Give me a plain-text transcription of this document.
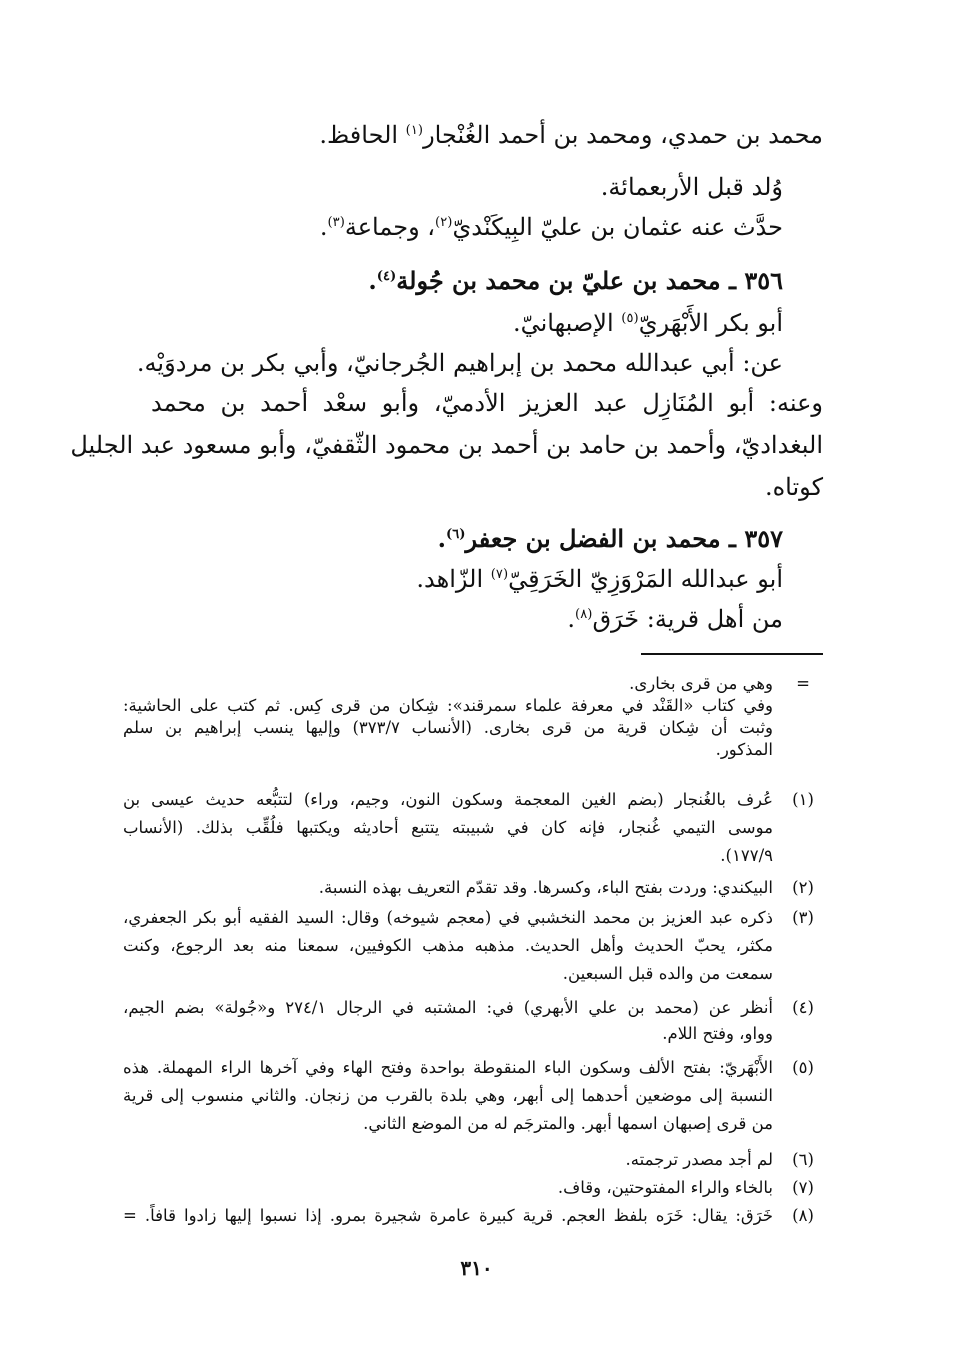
محمد بن حمدي، ومحمد بن أحمد الغُنْجار$^{(١)}$ الحافظ.

وُلد قبل الأربعمائة.

حدَّث عنه عثمان بن عليّ البِيكَنْديّ$^{(٢)}$، وجماعة$^{(٣)}$.

٣٥٦ ـ محمد بن عليّ بن محمد بن جُولة$^{(٤)}$.

أبو بكر الأَبْهَريّ$^{(٥)}$ الإصبهانيّ.

عن: أبي عبدالله محمد بن إبراهيم الجُرجانيّ، وأبي بكر بن مردوَيْه.

وعنه: أبو المُنَازِل عبد العزيز الأدميّ، وأبو سعْد أحمد بن محمد

البغداديّ، وأحمد بن حامد بن أحمد بن محمود الثّقفيّ، وأبو مسعود عبد الجليل

كوتاه.

٣٥٧ ـ محمد بن الفضل بن جعفر$^{(٦)}$.

أبو عبدالله المَرْوَزِيّ الخَرَقِيّ$^{(٧)}$ الزّاهد.

من أهل قرية: خَرَق$^{(٨)}$.

=

وهي من قرى بخارى.

وفي كتاب «القَنْد في معرفة علماء سمرقند»: شِكان من قرى كِس. ثم كتب على الحاشية:

وثبت أن شِكان قرية من قرى بخارى. (الأنساب ٣٧٣/٧) وإليها ينسب إبراهيم بن سلم

المذكور.

(١)

عُرف بالغُنجار (بضم الغين المعجمة وسكون النون، وجيم، وراء) لتتبُّعه حديث عيسى بن

موسى التيمي غُنجار، فإنه كان في شبيبته يتتبع أحاديثه ويكتبها فلُقِّب بذلك. (الأنساب

١٧٧/٩).

(٢)

البيكندي: وردت بفتح الباء، وكسرها. وقد تقدّم التعريف بهذه النسبة.

(٣)

ذكره عبد العزيز بن محمد النخشبي في (معجم شيوخه) وقال: السيد الفقيه أبو بكر الجعفري،

مكثر، يحبّ الحديث وأهل الحديث. مذهبه مذهب الكوفيين، سمعنا منه بعد الرجوع، وكنت

سمعت من والده قبل السبعين.

(٤)

أنظر عن (محمد بن علي الأبهري) في: المشتبه في الرجال ٢٧٤/١ و«جُولة» بضم الجيم،

وواو، وفتح اللام.

(٥)

الأَبْهَريّ: بفتح الألف وسكون الباء المنقوطة بواحدة وفتح الهاء وفي آخرها الراء المهملة. هذه

النسبة إلى موضعين أحدهما إلى أبهر، وهي بلدة بالقرب من زنجان. والثاني منسوب إلى قرية

من قرى إصبهان اسمها أبهر. والمترجَم له من الموضع الثاني.

(٦)

لم أجد مصدر ترجمته.

(٧)

بالخاء والراء المفتوحتين، وقاف.

(٨)

خَرَق: يقال: خَرَه بلفظ العجم. قرية كبيرة عامرة شجيرة بمرو. إذا نسبوا إليها زادوا قافاً. =

٣١٠
